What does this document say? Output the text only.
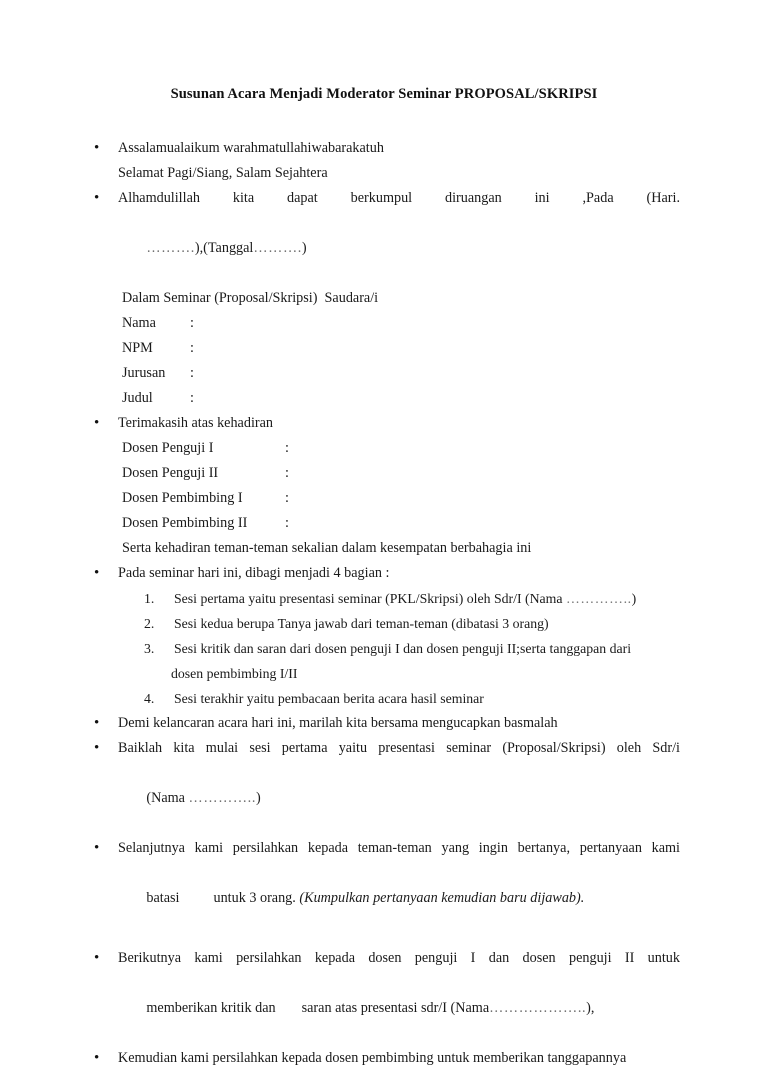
Susunan Acara Menjadi Moderator Seminar PROPOSAL/SKRIPSI
• Assalamualaikum warahmatullahiwabarakatuh
Selamat Pagi/Siang, Salam Sejahtera
• Alhamdulillah kita dapat berkumpul diruangan ini ,Pada (Hari.

……….),(Tanggal……….)

Dalam Seminar (Proposal/Skripsi)  Saudara/i
Nama	:
NPM	:
Jurusan	:
Judul	:
• Terimakasih atas kehadiran
Dosen Penguji I	:
Dosen Penguji II	:
Dosen Pembimbing I	:
Dosen Pembimbing II	:
Serta kehadiran teman-teman sekalian dalam kesempatan berbahagia ini
• Pada seminar hari ini, dibagi menjadi 4 bagian :
1. Sesi pertama yaitu presentasi seminar (PKL/Skripsi) oleh Sdr/I (Nama …………..)
2. Sesi kedua berupa Tanya jawab dari teman-teman (dibatasi 3 orang)
3. Sesi kritik dan saran dari dosen penguji I dan dosen penguji II;serta tanggapan dari
dosen pembimbing I/II
4. Sesi terakhir yaitu pembacaan berita acara hasil seminar
• Demi kelancaran acara hari ini, marilah kita bersama mengucapkan basmalah
• Baiklah kita mulai sesi pertama yaitu presentasi seminar (Proposal/Skripsi) oleh Sdr/i

(Nama …………..)

• Selanjutnya kami persilahkan kepada teman-teman yang ingin bertanya, pertanyaan kami

batasi untuk 3 orang. (Kumpulkan pertanyaan kemudian baru dijawab).

• Berikutnya kami persilahkan kepada dosen penguji I dan dosen penguji II untuk

memberikan kritik dan saran atas presentasi sdr/I (Nama………………..),

• Kemudian kami persilahkan kepada dosen pembimbing untuk memberikan tanggapannya
